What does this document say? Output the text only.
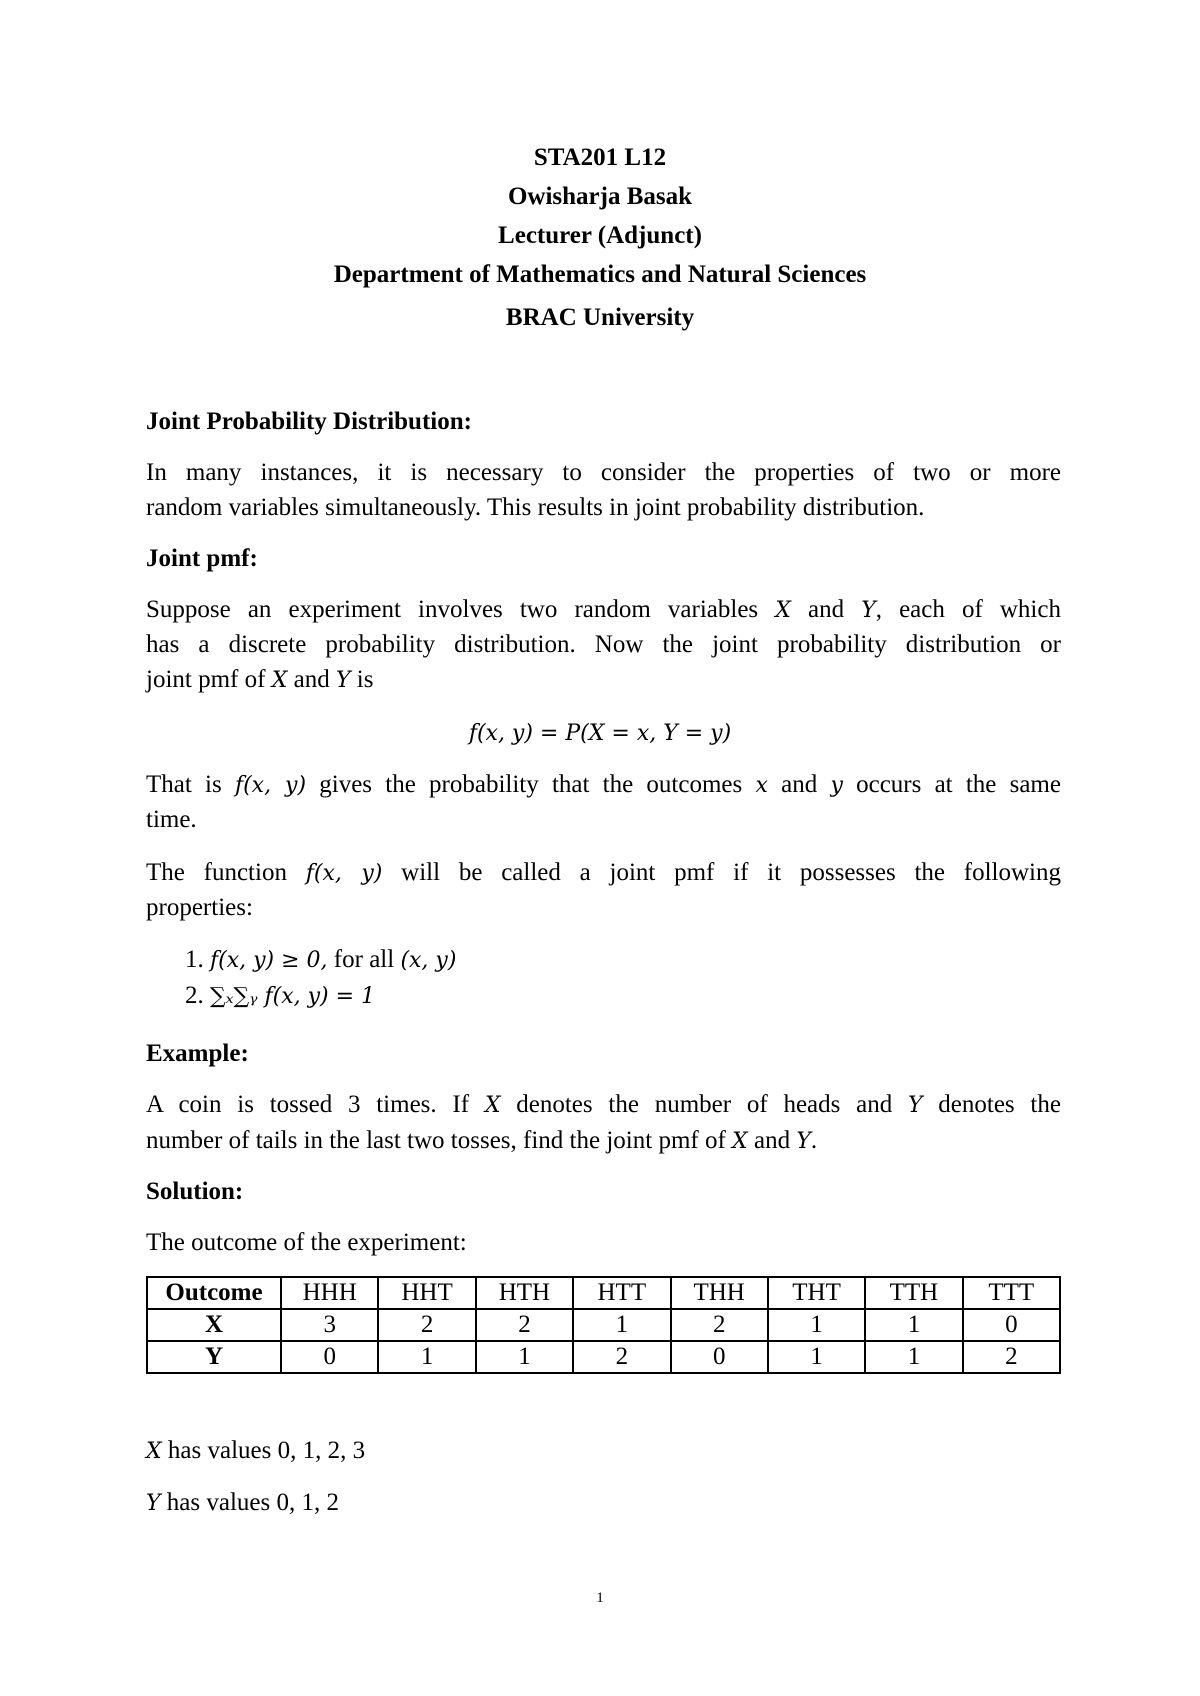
STA201 L12
Owisharja Basak
Lecturer (Adjunct)
Department of Mathematics and Natural Sciences
BRAC University
Joint Probability Distribution:
In many instances, it is necessary to consider the properties of two or more
random variables simultaneously. This results in joint probability distribution.
Joint pmf:
Suppose an experiment involves two random variables X and Y, each of which
has a discrete probability distribution. Now the joint probability distribution or
joint pmf of X and Y is
f(x, y) = P(X = x, Y = y)
That is f(x, y) gives the probability that the outcomes x and y occurs at the same
time.
The function f(x, y) will be called a joint pmf if it possesses the following
properties:
1. f(x, y) ≥ 0, for all (x, y)
2. ∑ₓ∑ᵧ f(x, y) = 1
Example:
A coin is tossed 3 times. If X denotes the number of heads and Y denotes the
number of tails in the last two tosses, find the joint pmf of X and Y.
Solution:
The outcome of the experiment:
Outcome	HHH	HHT	HTH	HTT	THH	THT	TTH	TTT
X	3	2	2	1	2	1	1	0
Y	0	1	1	2	0	1	1	2
X has values 0, 1, 2, 3
Y has values 0, 1, 2
1
